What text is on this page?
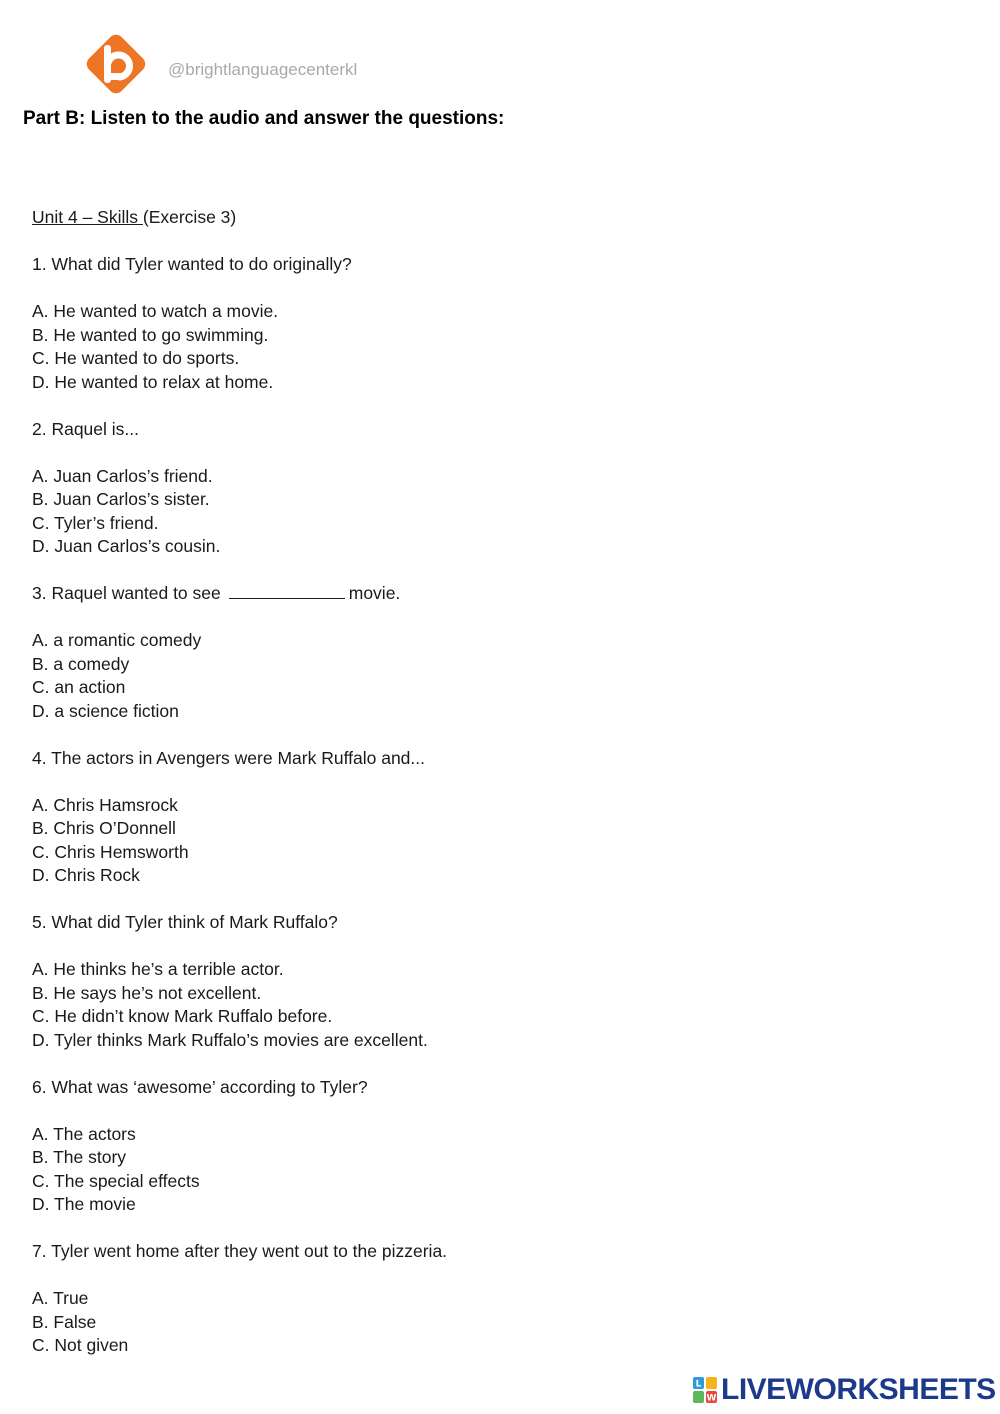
@brightlanguagecenterkl
Part B: Listen to the audio and answer the questions:
Unit 4 – Skills (Exercise 3)
1. What did Tyler wanted to do originally?
A. He wanted to watch a movie.
B. He wanted to go swimming.
C. He wanted to do sports.
D. He wanted to relax at home.
2. Raquel is...
A. Juan Carlos’s friend.
B. Juan Carlos’s sister.
C. Tyler’s friend.
D. Juan Carlos’s cousin.
3. Raquel wanted to see	movie.
A. a romantic comedy
B. a comedy
C. an action
D. a science fiction
4. The actors in Avengers were Mark Ruffalo and...
A. Chris Hamsrock
B. Chris O’Donnell
C. Chris Hemsworth
D. Chris Rock
5. What did Tyler think of Mark Ruffalo?
A. He thinks he’s a terrible actor.
B. He says he’s not excellent.
C. He didn’t know Mark Ruffalo before.
D. Tyler thinks Mark Ruffalo’s movies are excellent.
6. What was ‘awesome’ according to Tyler?
A. The actors
B. The story
C. The special effects
D. The movie
7. Tyler went home after they went out to the pizzeria.
A. True
B. False
C. Not given
L
W LIVEWORKSHEETS
